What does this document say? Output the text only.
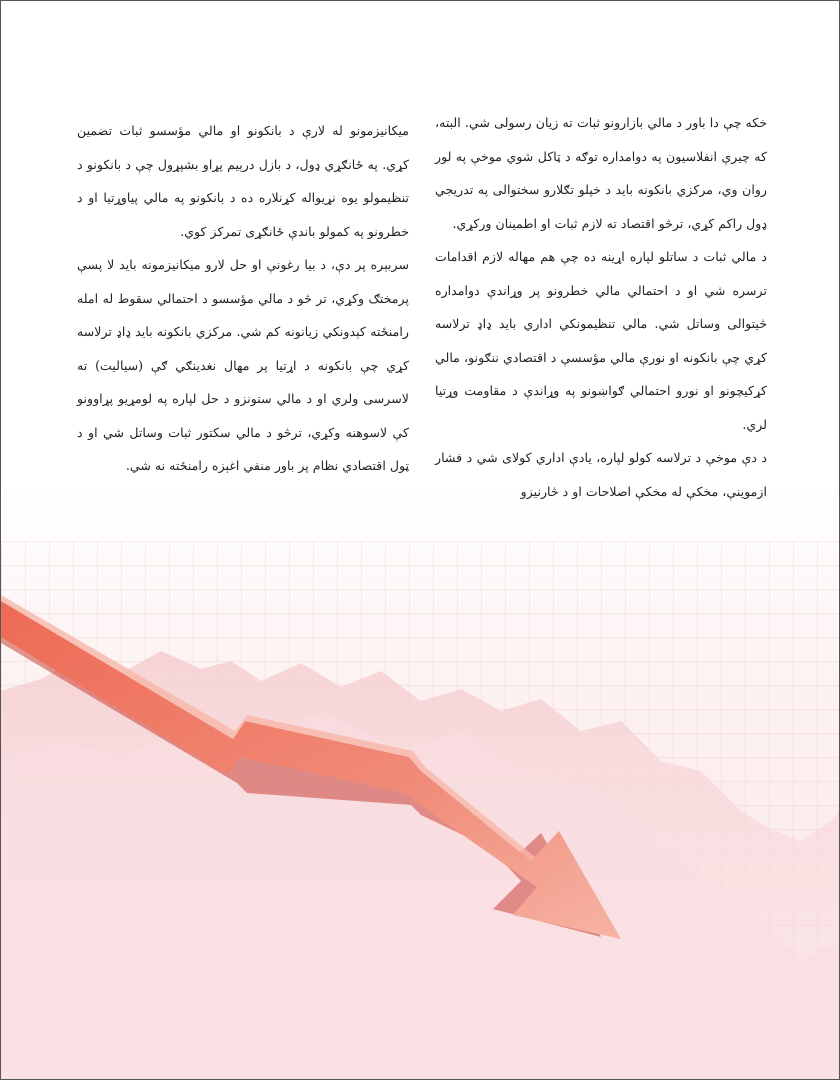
خکه چې دا باور د مالي بازارونو ثبات ته زیان رسولی شي. البته، که چیرې انفلاسیون په دوامداره توګه د ټاکل شوي موخې په لور روان وي، مرکزي بانکونه باید د خپلو تګلارو سختوالی په تدریجي ډول راکم کړي، ترڅو اقتصاد ته لازم ثبات او اطمینان ورکړي.

د مالي ثبات د ساتلو لپاره اړینه ده چې هم مهاله لازم اقدامات ترسره شي او د احتمالي مالي خطرونو پر وړاندې دوامداره څیتوالی وساتل شي. مالي تنظیمونکي اداري باید ډاډ ترلاسه کړي چې بانکونه او نورې مالي مؤسسې د اقتصادي ننګونو، مالي کړکیچونو او نورو احتمالي ګواښونو په وړاندې د مقاومت وړتیا لري.

د دې موخې د ترلاسه کولو لپاره، یادې اداري کولای شي د فشار ازموینې، مخکې له مخکې اصلاحات او د څارنیزو

میکانیزمونو له لارې د بانکونو او مالي مؤسسو ثبات تضمین کړي. په ځانګړي ډول، د بازل درېیم پړاو بشپړول چې د بانکونو د تنظیمولو یوه نړیواله کړنلاره ده د بانکونو په مالي پیاوړتیا او د خطرونو په کمولو باندې ځانګړی تمرکز کوي.

سربېره پر دې، د بیا رغونې او حل لارو میکانیزمونه باید لا پسې پرمختګ وکړي، تر څو د مالي مؤسسو د احتمالي سقوط له امله رامنځته کېدونکي زیانونه کم شي. مرکزي بانکونه باید ډاډ ترلاسه کړي چې بانکونه د اړتیا پر مهال نغدینګي ګې (سیالیت) ته لاسرسی ولري او د مالي ستونزو د حل لپاره په لومړیو پړاوونو کې لاسوهنه وکړي، ترڅو د مالي سکتور ثبات وساتل شي او د ټول اقتصادي نظام پر باور منفي اغېزه رامنځته نه شي.
